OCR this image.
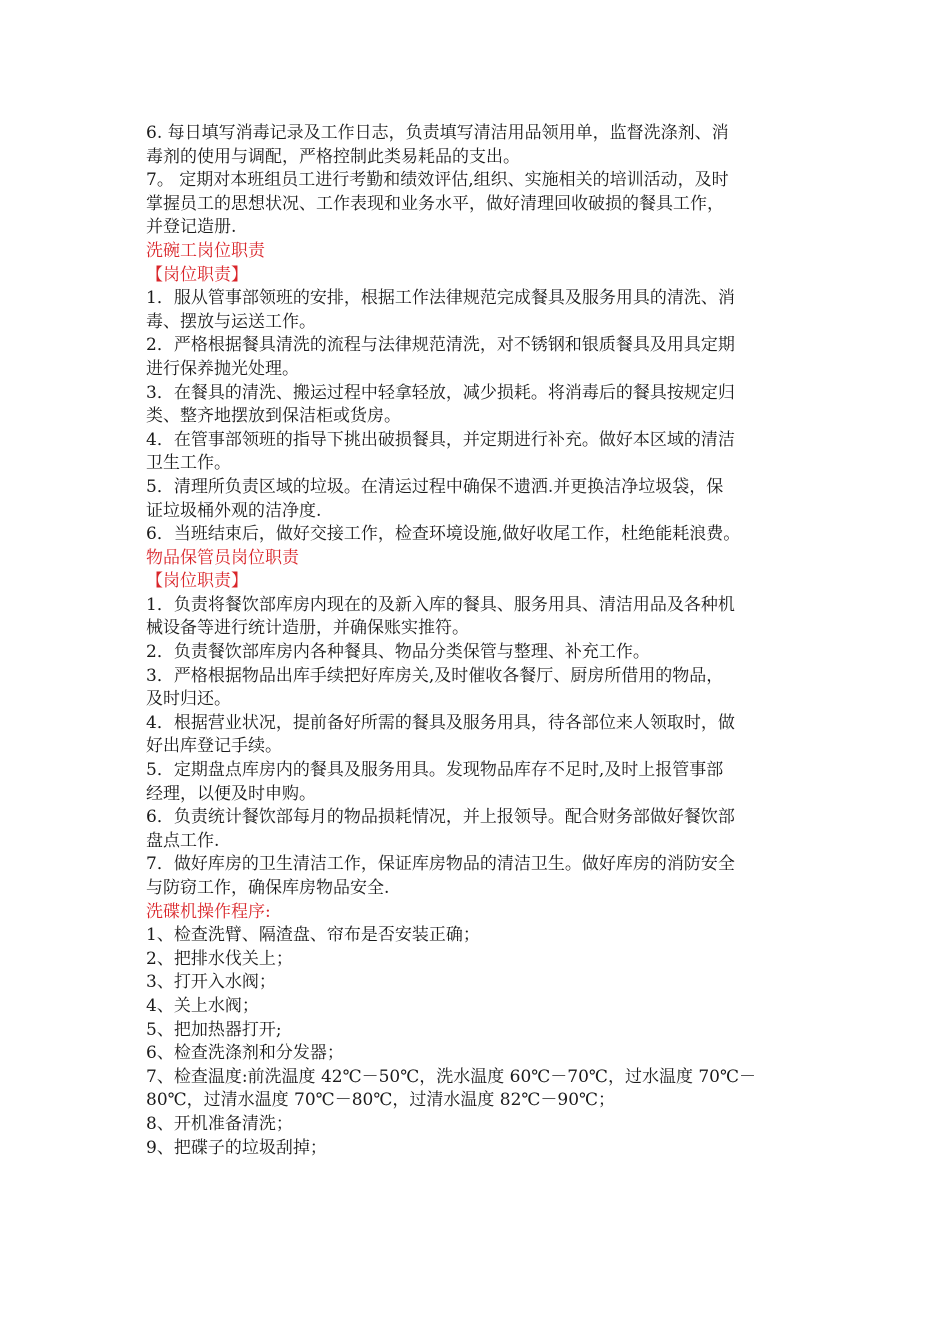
6. 每日填写消毒记录及工作日志，负责填写清洁用品领用单，监督洗涤剂、消

毒剂的使用与调配，严格控制此类易耗品的支出。

7。 定期对本班组员工进行考勤和绩效评估,组织、实施相关的培训活动，及时

掌握员工的思想状况、工作表现和业务水平，做好清理回收破损的餐具工作，

并登记造册.

洗碗工岗位职责

【岗位职责】

1．服从管事部领班的安排，根据工作法律规范完成餐具及服务用具的清洗、消

毒、摆放与运送工作。

2．严格根据餐具清洗的流程与法律规范清洗，对不锈钢和银质餐具及用具定期

进行保养抛光处理。

3．在餐具的清洗、搬运过程中轻拿轻放，减少损耗。将消毒后的餐具按规定归

类、整齐地摆放到保洁柜或货房。

4．在管事部领班的指导下挑出破损餐具，并定期进行补充。做好本区域的清洁

卫生工作。

5．清理所负责区域的垃圾。在清运过程中确保不遗洒.并更换洁净垃圾袋，保

证垃圾桶外观的洁净度.

6．当班结束后，做好交接工作，检查环境设施,做好收尾工作，杜绝能耗浪费。

物品保管员岗位职责

【岗位职责】

1．负责将餐饮部库房内现在的及新入库的餐具、服务用具、清洁用品及各种机

械设备等进行统计造册，并确保账实推符。

2．负责餐饮部库房内各种餐具、物品分类保管与整理、补充工作。

3．严格根据物品出库手续把好库房关,及时催收各餐厅、厨房所借用的物品，

及时归还。

4．根据营业状况，提前备好所需的餐具及服务用具，待各部位来人领取时，做

好出库登记手续。

5．定期盘点库房内的餐具及服务用具。发现物品库存不足时,及时上报管事部

经理，以便及时申购。

6．负责统计餐饮部每月的物品损耗情况，并上报领导。配合财务部做好餐饮部

盘点工作.

7．做好库房的卫生清洁工作，保证库房物品的清洁卫生。做好库房的消防安全

与防窃工作，确保库房物品安全.

洗碟机操作程序:

1、检查洗臂、隔渣盘、帘布是否安装正确；

2、把排水伐关上；

3、打开入水阀；

4、关上水阀；

5、把加热器打开;

6、检查洗涤剂和分发器；

7、检查温度:前洗温度 42℃－50℃，洗水温度 60℃－70℃，过水温度 70℃－

80℃，过清水温度 70℃－80℃，过清水温度 82℃－90℃；

8、开机准备清洗；

9、把碟子的垃圾刮掉；
